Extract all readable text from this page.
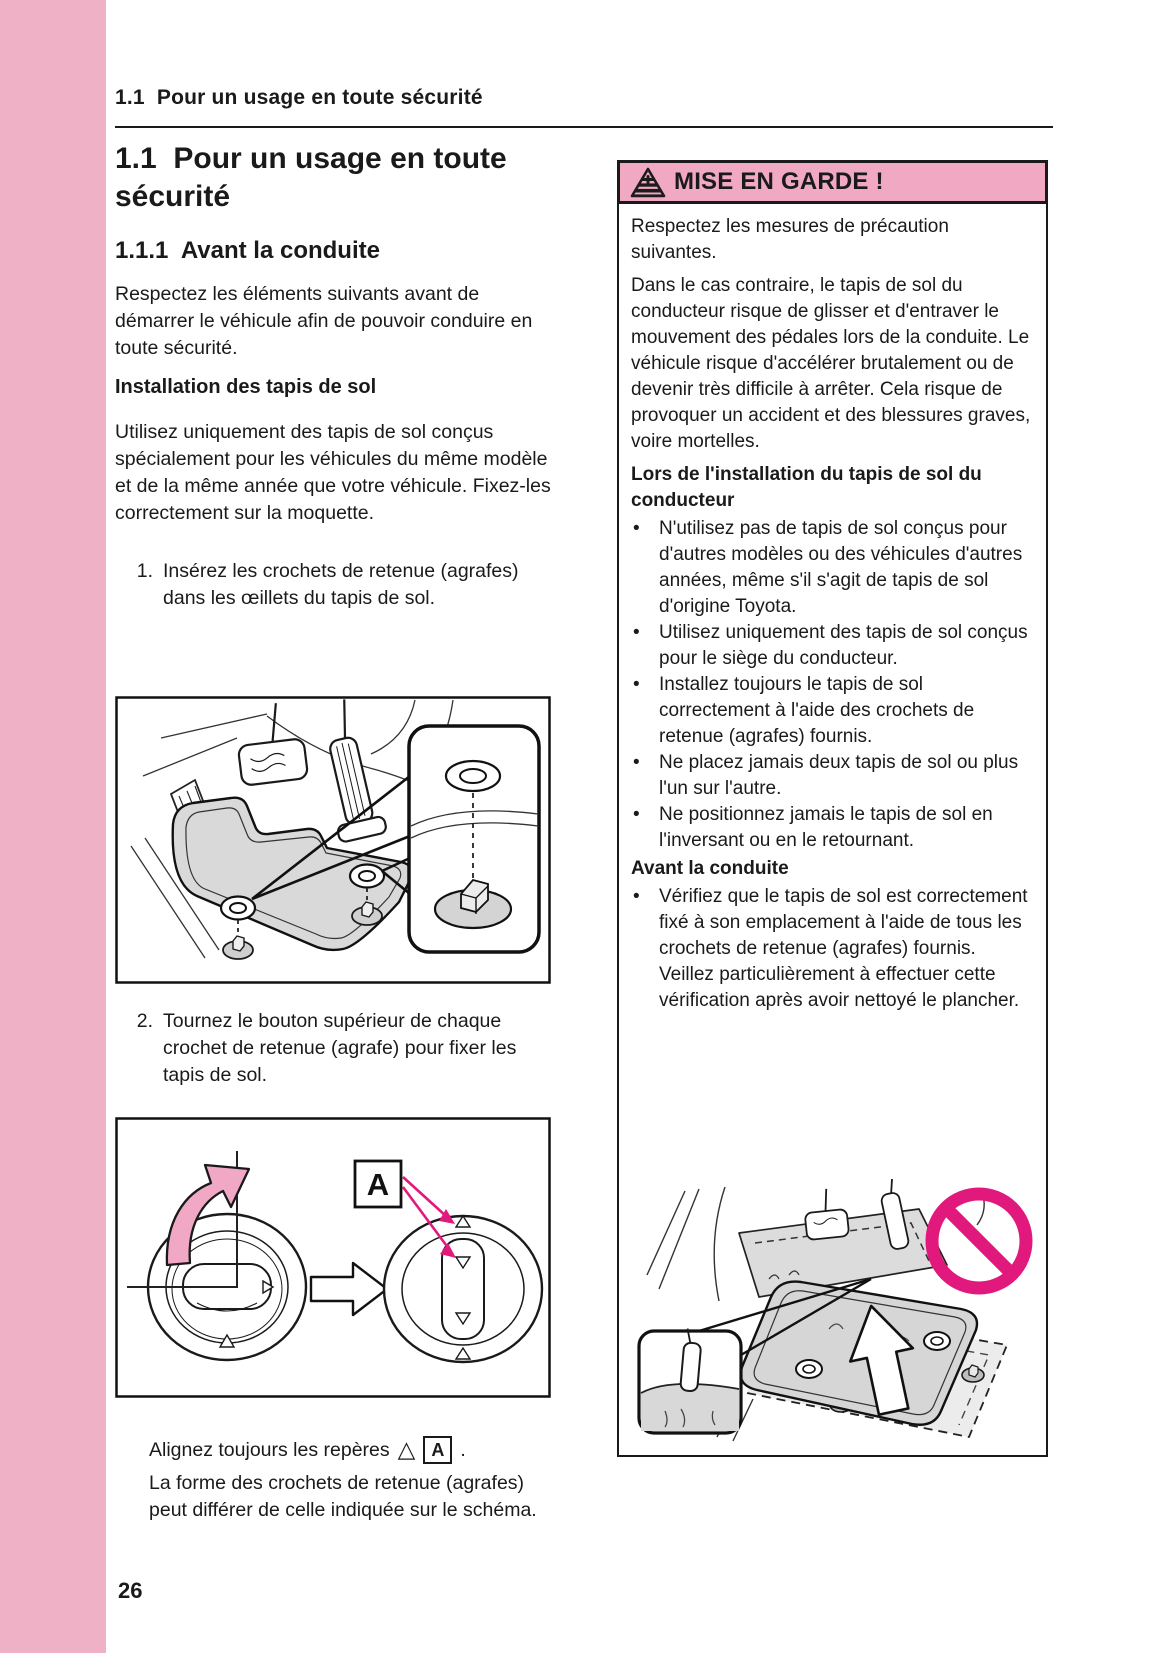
1.1  Pour un usage en toute sécurité
1.1  Pour un usage en toute sécurité
1.1.1  Avant la conduite
Respectez les éléments suivants avant de démarrer le véhicule afin de pouvoir conduire en toute sécurité.
Installation des tapis de sol
Utilisez uniquement des tapis de sol conçus spécialement pour les véhicules du même modèle et de la même année que votre véhicule. Fixez-les correctement sur la moquette.
1. Insérez les crochets de retenue (agrafes) dans les œillets du tapis de sol.
2. Tournez le bouton supérieur de chaque crochet de retenue (agrafe) pour fixer les tapis de sol.
A
Alignez toujours les repères △ A .
La forme des crochets de retenue (agrafes) peut différer de celle indiquée sur le schéma.
26
MISE EN GARDE !

Respectez les mesures de précaution suivantes.

Dans le cas contraire, le tapis de sol du conducteur risque de glisser et d'entraver le mouvement des pédales lors de la conduite. Le véhicule risque d'accélérer brutalement ou de devenir très difficile à arrêter. Cela risque de provoquer un accident et des blessures graves, voire mortelles.

Lors de l'installation du tapis de sol du conducteur
•	N'utilisez pas de tapis de sol conçus pour d'autres modèles ou des véhicules d'autres années, même s'il s'agit de tapis de sol d'origine Toyota.
•	Utilisez uniquement des tapis de sol conçus pour le siège du conducteur.
•	Installez toujours le tapis de sol correctement à l'aide des crochets de retenue (agrafes) fournis.
•	Ne placez jamais deux tapis de sol ou plus l'un sur l'autre.
•	Ne positionnez jamais le tapis de sol en l'inversant ou en le retournant.
Avant la conduite
•	Vérifiez que le tapis de sol est correctement fixé à son emplacement à l'aide de tous les crochets de retenue (agrafes) fournis. Veillez particulièrement à effectuer cette vérification après avoir nettoyé le plancher.
